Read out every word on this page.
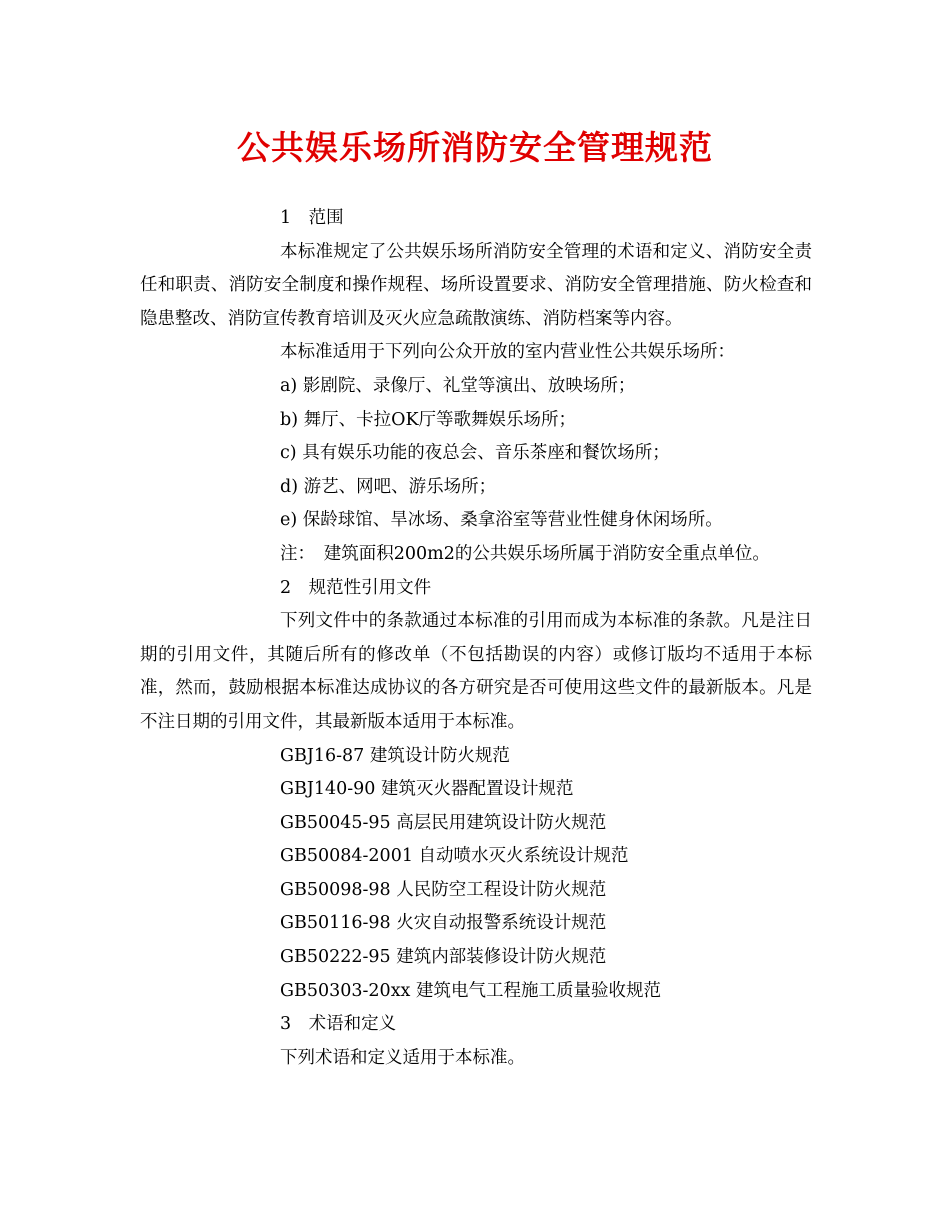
公共娱乐场所消防安全管理规范

1　范围

本标准规定了公共娱乐场所消防安全管理的术语和定义、消防安全责任和职责、消防安全制度和操作规程、场所设置要求、消防安全管理措施、防火检查和隐患整改、消防宣传教育培训及灭火应急疏散演练、消防档案等内容。

本标准适用于下列向公众开放的室内营业性公共娱乐场所：

a) 影剧院、录像厅、礼堂等演出、放映场所；

b) 舞厅、卡拉OK厅等歌舞娱乐场所；

c) 具有娱乐功能的夜总会、音乐茶座和餐饮场所；

d) 游艺、网吧、游乐场所；

e) 保龄球馆、旱冰场、桑拿浴室等营业性健身休闲场所。

注：　建筑面积200m2的公共娱乐场所属于消防安全重点单位。

2　规范性引用文件

下列文件中的条款通过本标准的引用而成为本标准的条款。凡是注日期的引用文件，其随后所有的修改单（不包括勘误的内容）或修订版均不适用于本标准，然而，鼓励根据本标准达成协议的各方研究是否可使用这些文件的最新版本。凡是不注日期的引用文件，其最新版本适用于本标准。

GBJ16-87 建筑设计防火规范

GBJ140-90 建筑灭火器配置设计规范

GB50045-95 高层民用建筑设计防火规范

GB50084-2001 自动喷水灭火系统设计规范

GB50098-98 人民防空工程设计防火规范

GB50116-98 火灾自动报警系统设计规范

GB50222-95 建筑内部装修设计防火规范

GB50303-20xx 建筑电气工程施工质量验收规范

3　术语和定义

下列术语和定义适用于本标准。
